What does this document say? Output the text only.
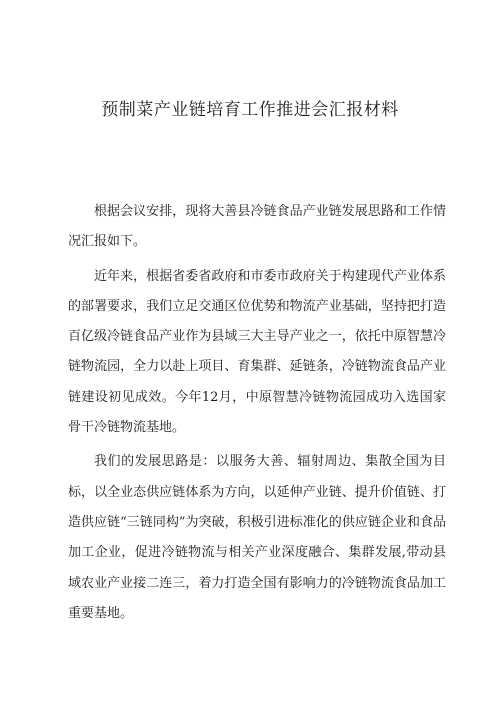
预制菜产业链培育工作推进会汇报材料

根据会议安排，现将大善县冷链食品产业链发展思路和工作情况汇报如下。

近年来，根据省委省政府和市委市政府关于构建现代产业体系的部署要求，我们立足交通区位优势和物流产业基础，坚持把打造百亿级冷链食品产业作为县域三大主导产业之一，依托中原智慧冷链物流园，全力以赴上项目、育集群、延链条，冷链物流食品产业链建设初见成效。今年12月，中原智慧冷链物流园成功入选国家骨干冷链物流基地。

我们的发展思路是：以服务大善、辐射周边、集散全国为目标，以全业态供应链体系为方向，以延伸产业链、提升价值链、打造供应链“三链同构”为突破，积极引进标准化的供应链企业和食品加工企业，促进冷链物流与相关产业深度融合、集群发展,带动县域农业产业接二连三，着力打造全国有影响力的冷链物流食品加工重要基地。
